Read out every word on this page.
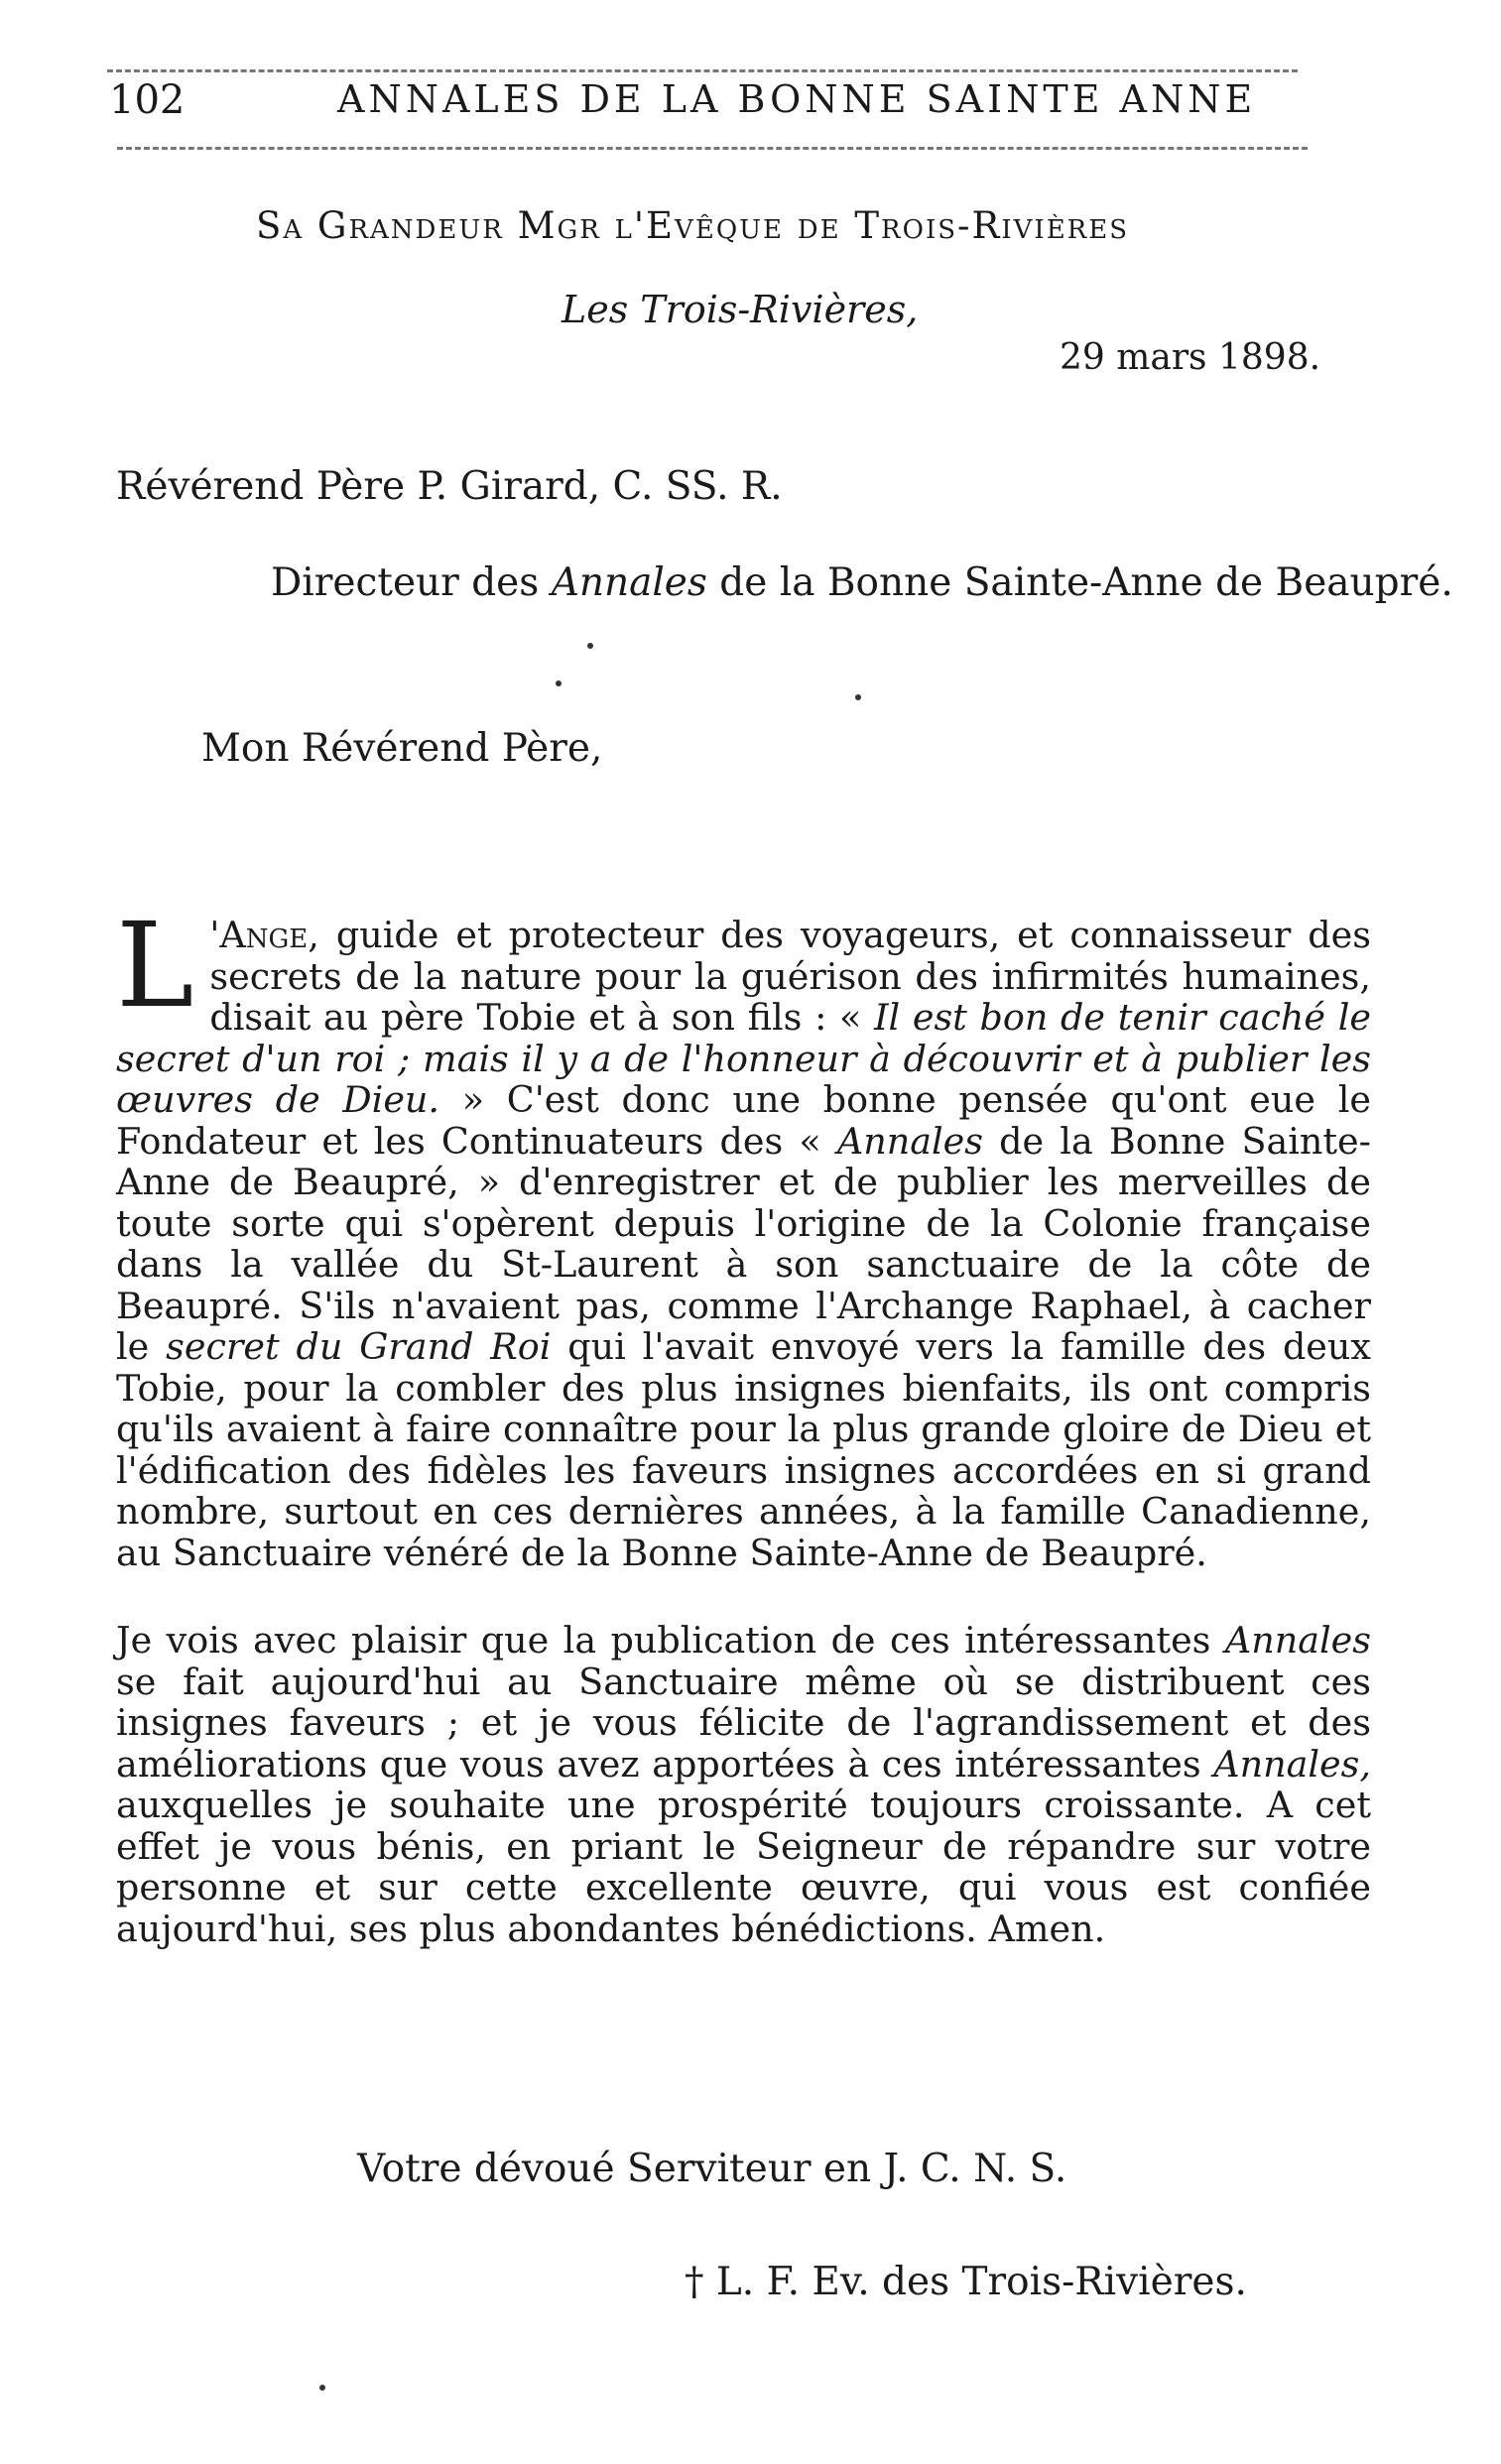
102	ANNALES DE LA BONNE SAINTE ANNE

Sa Grandeur Mgr l'Evêque de Trois-Rivières

Les Trois-Rivières,

29 mars 1898.

Révérend Père P. Girard, C. SS. R.

Directeur des Annales de la Bonne Sainte-Anne de Beaupré.

Mon Révérend Père,

L 'Ange, guide et protecteur des voyageurs, et connaisseur des secrets de la nature pour la guérison des infirmités humaines, disait au père Tobie et à son fils : « Il est bon de tenir caché le secret d'un roi ; mais il y a de l'honneur à découvrir et à publier les œuvres de Dieu. » C'est donc une bonne pensée qu'ont eue le Fondateur et les Continuateurs des « Annales de la Bonne Sainte-Anne de Beaupré, » d'enregistrer et de publier les merveilles de toute sorte qui s'opèrent depuis l'origine de la Colonie française dans la vallée du St-Laurent à son sanctuaire de la côte de Beaupré. S'ils n'avaient pas, comme l'Archange Raphael, à cacher le secret du Grand Roi qui l'avait envoyé vers la famille des deux Tobie, pour la combler des plus insignes bienfaits, ils ont compris qu'ils avaient à faire connaître pour la plus grande gloire de Dieu et l'édification des fidèles les faveurs insignes accordées en si grand nombre, surtout en ces dernières années, à la famille Canadienne, au Sanctuaire vénéré de la Bonne Sainte-Anne de Beaupré.

Je vois avec plaisir que la publication de ces intéressantes Annales se fait aujourd'hui au Sanctuaire même où se distribuent ces insignes faveurs ; et je vous félicite de l'agrandissement et des améliorations que vous avez apportées à ces intéressantes Annales, auxquelles je souhaite une prospérité toujours croissante. A cet effet je vous bénis, en priant le Seigneur de répandre sur votre personne et sur cette excellente œuvre, qui vous est confiée aujourd'hui, ses plus abondantes bénédictions. Amen.

Votre dévoué Serviteur en J. C. N. S.

† L. F. Ev. des Trois-Rivières.
